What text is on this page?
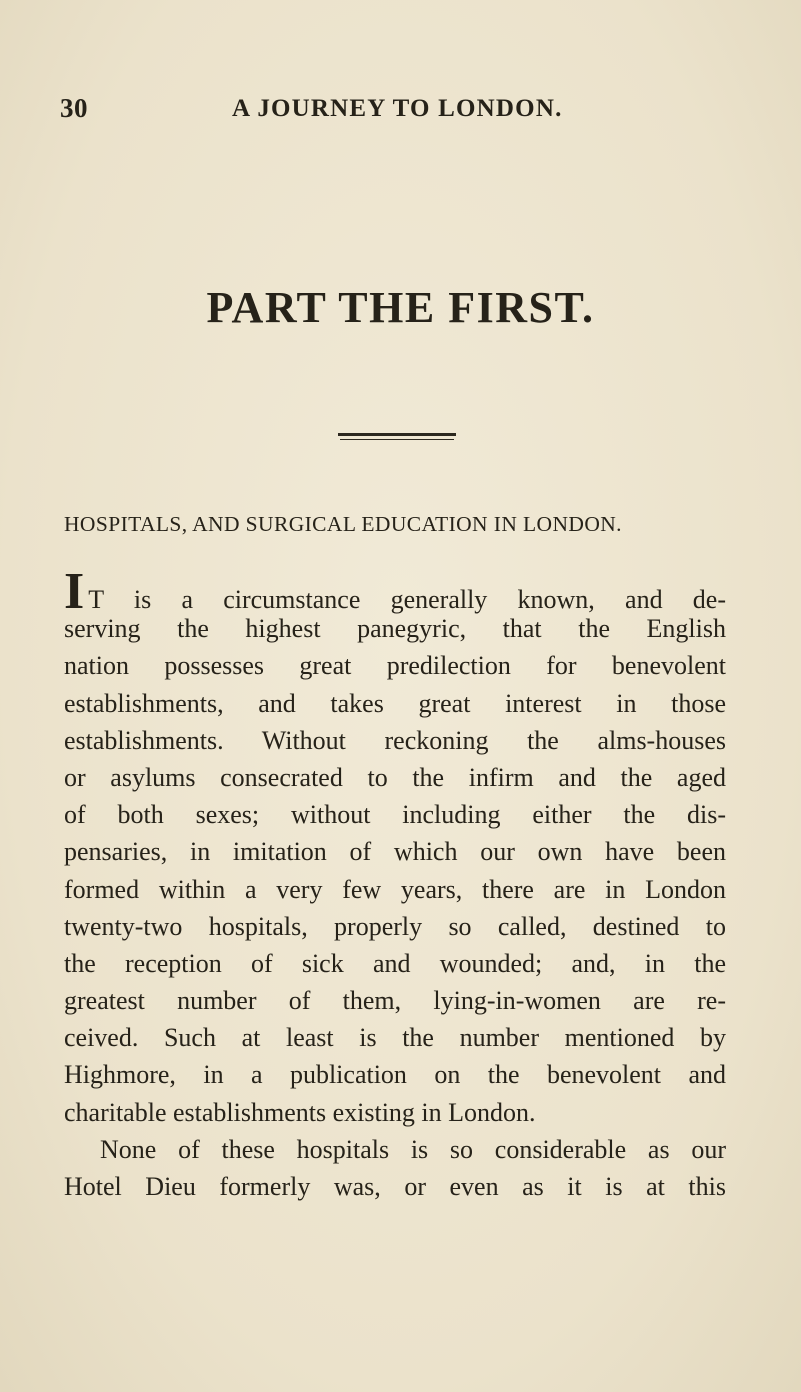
30	A JOURNEY TO LONDON.
PART THE FIRST.
HOSPITALS, AND SURGICAL EDUCATION IN LONDON.
I T is a circumstance generally known, and de-
serving the highest panegyric, that the English
nation possesses great predilection for benevolent
establishments, and takes great interest in those
establishments. Without reckoning the alms-houses
or asylums consecrated to the infirm and the aged
of both sexes; without including either the dis-
pensaries, in imitation of which our own have been
formed within a very few years, there are in London
twenty-two hospitals, properly so called, destined to
the reception of sick and wounded; and, in the
greatest number of them, lying-in-women are re-
ceived. Such at least is the number mentioned by
Highmore, in a publication on the benevolent and
charitable establishments existing in London.
None of these hospitals is so considerable as our
Hotel Dieu formerly was, or even as it is at this
